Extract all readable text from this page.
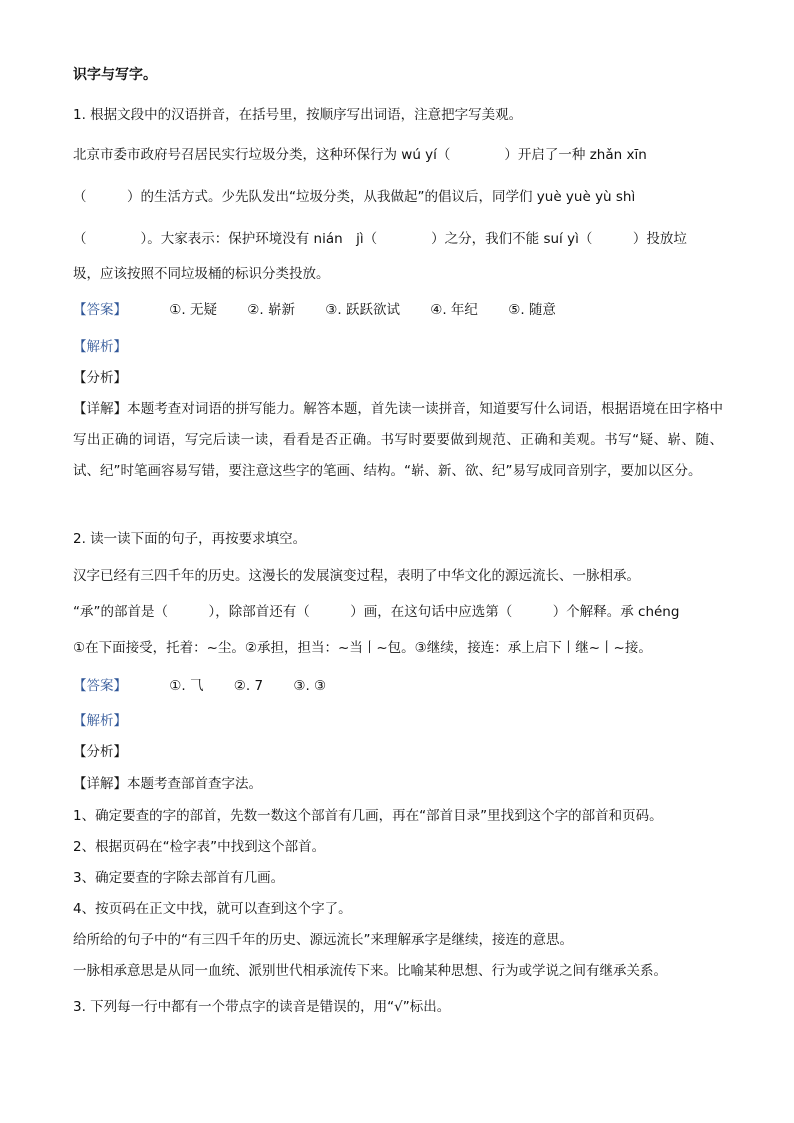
识字与写字。
1. 根据文段中的汉语拼音，在括号里，按顺序写出词语，注意把字写美观。
北京市委市政府号召居民实行垃圾分类，这种环保行为 wú yí（　　　　）开启了一种 zhǎn xīn
（　　　）的生活方式。少先队发出“垃圾分类，从我做起”的倡议后，同学们 yuè yuè yù shì
（　　　　）。大家表示：保护环境没有 nián　jì（　　　　）之分，我们不能 suí yì（　　　）投放垃
圾，应该按照不同垃圾桶的标识分类投放。
【答案】	①. 无疑 ②. 崭新 ③. 跃跃欲试 ④. 年纪 ⑤. 随意
【解析】
【分析】
【详解】本题考查对词语的拼写能力。解答本题，首先读一读拼音，知道要写什么词语，根据语境在田字格中写出正确的词语，写完后读一读，看看是否正确。书写时要要做到规范、正确和美观。书写“疑、崭、随、试、纪”时笔画容易写错，要注意这些字的笔画、结构。“崭、新、欲、纪”易写成同音别字，要加以区分。
2. 读一读下面的句子，再按要求填空。
汉字已经有三四千年的历史。这漫长的发展演变过程，表明了中华文化的源远流长、一脉相承。
“承”的部首是（　　　），除部首还有（　　　）画，在这句话中应选第（　　　）个解释。承 chéng
①在下面接受，托着：~尘。②承担，担当：~当丨~包。③继续，接连：承上启下丨继~丨~接。
【答案】	①. ⺄ ②. 7 ③. ③
【解析】
【分析】
【详解】本题考查部首查字法。
1、确定要查的字的部首，先数一数这个部首有几画，再在“部首目录”里找到这个字的部首和页码。
2、根据页码在“检字表”中找到这个部首。
3、确定要查的字除去部首有几画。
4、按页码在正文中找，就可以查到这个字了。
给所给的句子中的“有三四千年的历史、源远流长”来理解承字是继续，接连的意思。
一脉相承意思是从同一血统、派别世代相承流传下来。比喻某种思想、行为或学说之间有继承关系。
3. 下列每一行中都有一个带点字的读音是错误的，用“√”标出。
